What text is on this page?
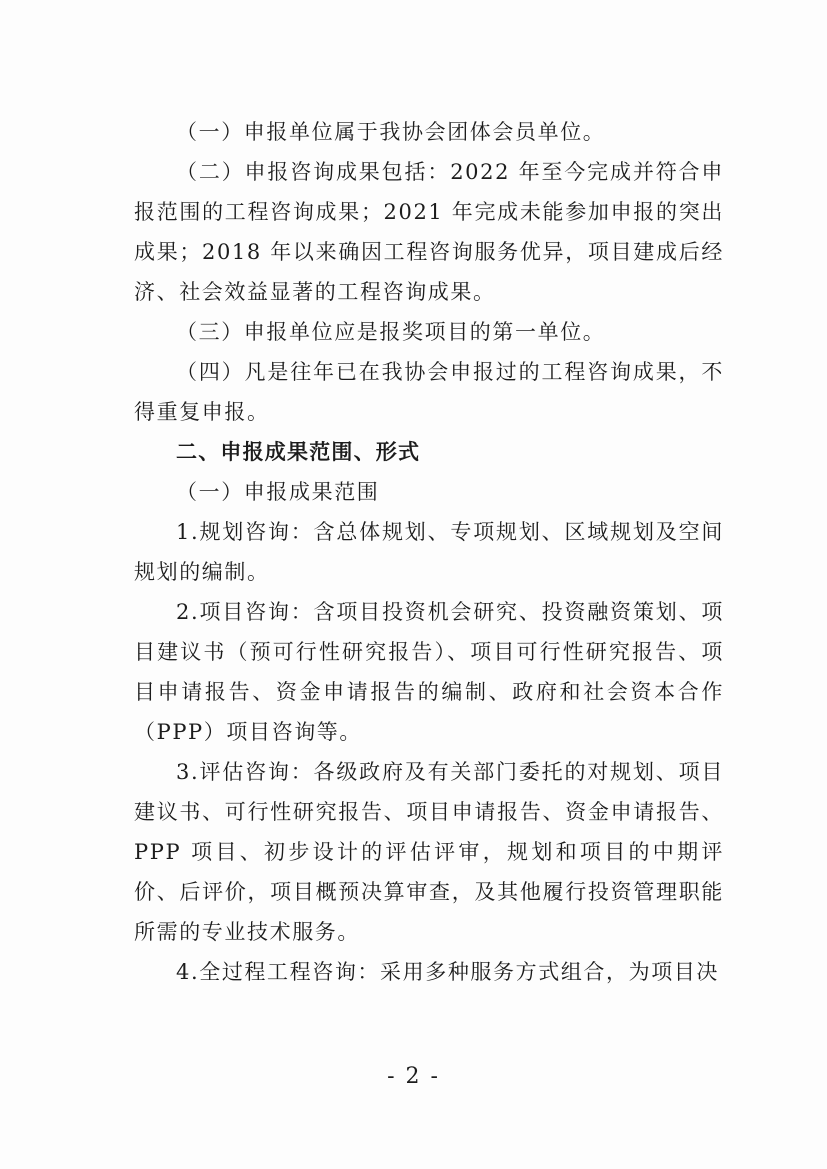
（一）申报单位属于我协会团体会员单位。

（二）申报咨询成果包括：2022 年至今完成并符合申报范围的工程咨询成果；2021 年完成未能参加申报的突出成果；2018 年以来确因工程咨询服务优异，项目建成后经济、社会效益显著的工程咨询成果。

（三）申报单位应是报奖项目的第一单位。

（四）凡是往年已在我协会申报过的工程咨询成果，不得重复申报。

二、申报成果范围、形式

（一）申报成果范围

1.规划咨询：含总体规划、专项规划、区域规划及空间规划的编制。

2.项目咨询：含项目投资机会研究、投资融资策划、项目建议书（预可行性研究报告）、项目可行性研究报告、项目申请报告、资金申请报告的编制、政府和社会资本合作（PPP）项目咨询等。

3.评估咨询：各级政府及有关部门委托的对规划、项目建议书、可行性研究报告、项目申请报告、资金申请报告、PPP 项目、初步设计的评估评审，规划和项目的中期评价、后评价，项目概预决算审查，及其他履行投资管理职能所需的专业技术服务。

4.全过程工程咨询：采用多种服务方式组合，为项目决

- 2 -
